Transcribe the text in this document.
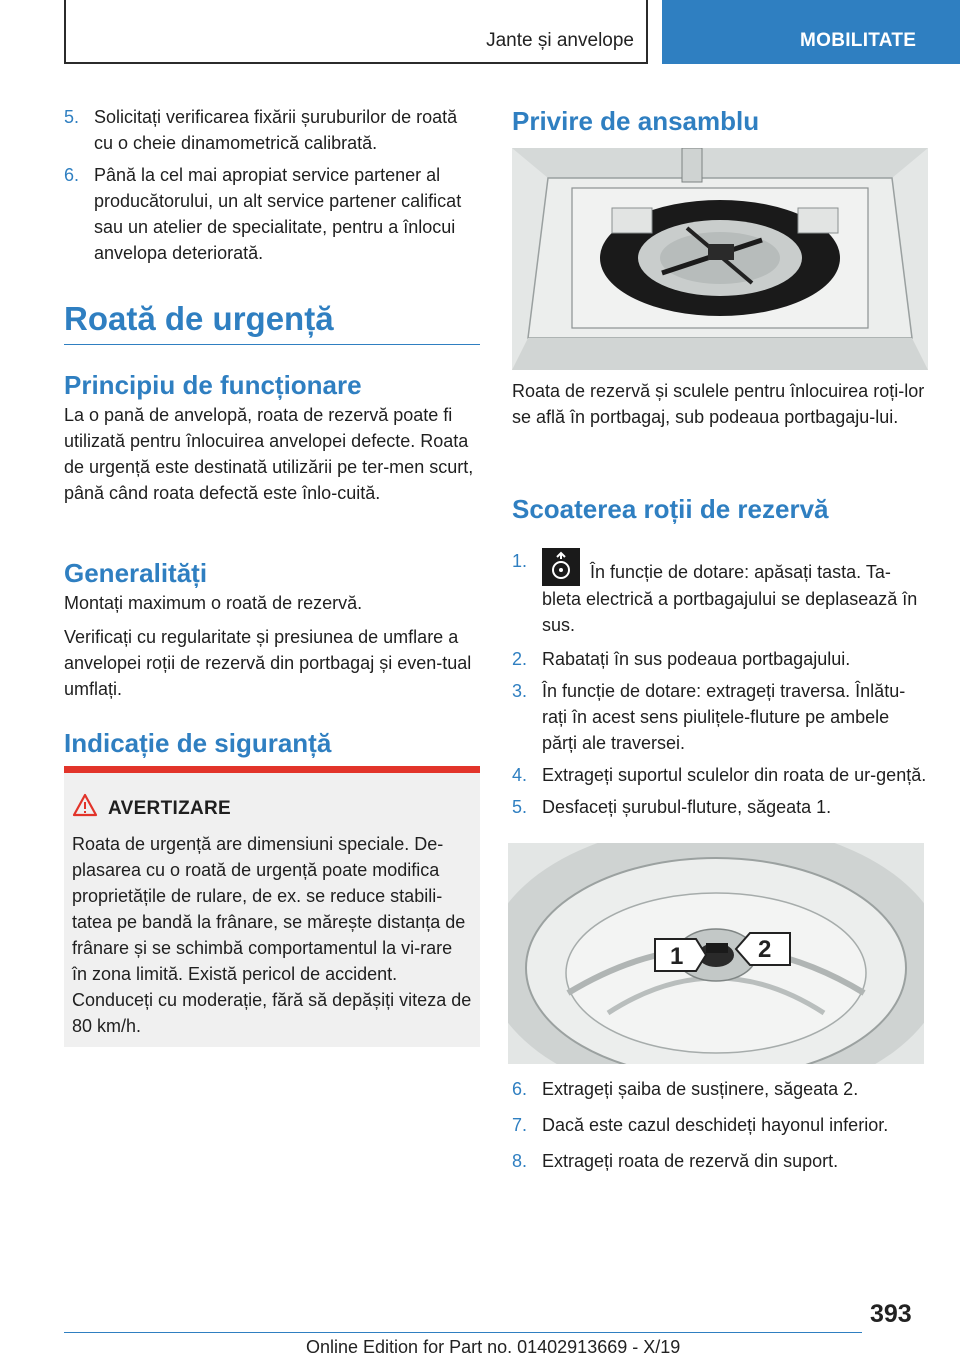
Jante și anvelope	MOBILITATE
5. Solicitați verificarea fixării șuruburilor de roată cu o cheie dinamometrică calibrată.
6. Până la cel mai apropiat service partener al producătorului, un alt service partener calificat sau un atelier de specialitate, pentru a înlocui anvelopa deteriorată.
Roată de urgență
Principiu de funcționare

La o pană de anvelopă, roata de rezervă poate fi utilizată pentru înlocuirea anvelopei defecte. Roata de urgență este destinată utilizării pe ter-men scurt, până când roata defectă este înlo-cuită.

Generalități

Montați maximum o roată de rezervă.

Verificați cu regularitate și presiunea de umflare a anvelopei roții de rezervă din portbagaj și even-tual umflați.

Indicație de siguranță
AVERTIZARE
Roata de urgență are dimensiuni speciale. De-plasarea cu o roată de urgență poate modifica proprietățile de rulare, de ex. se reduce stabili-tatea pe bandă la frânare, se mărește distanța de frânare și se schimbă comportamentul la vi-rare în zona limită. Există pericol de accident. Conduceți cu moderație, fără să depășiți viteza de 80 km/h.
Privire de ansamblu

Roata de rezervă și sculele pentru înlocuirea roți-lor se află în portbagaj, sub podeaua portbagaju-lui.

Scoaterea roții de rezervă
1.
În funcție de dotare: apăsați tasta. Ta-bleta electrică a portbagajului se deplasează în sus.
2. Rabatați în sus podeaua portbagajului.
3. În funcție de dotare: extrageți traversa. Înlătu-rați în acest sens piulițele-fluture pe ambele părți ale traversei.
4. Extrageți suportul sculelor din roata de ur-gență.
5. Desfaceți șurubul-fluture, săgeata 1.
1	2
6. Extrageți șaiba de susținere, săgeata 2.
7. Dacă este cazul deschideți hayonul inferior.
8. Extrageți roata de rezervă din suport.
393
Online Edition for Part no. 01402913669 - X/19
